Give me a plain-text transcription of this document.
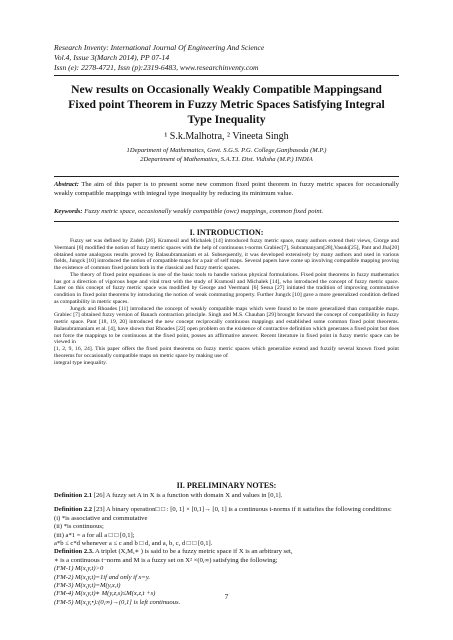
Research Inventy: International Journal Of Engineering And Science
Vol.4, Issue 3(March 2014), PP 07-14
Issn (e): 2278-4721, Issn (p):2319-6483, www.researchinventy.com
New results on Occasionally Weakly Compatible Mappingsand
Fixed point Theorem in Fuzzy Metric Spaces Satisfying Integral
Type Inequality
¹ S.k.Malhotra, ² Vineeta Singh
1Department of Mathematics, Govt. S.G.S. P.G. College,Ganjbasoda (M.P.)
2Department of Mathematics, S.A.T.I. Dist. Vidisha (M.P.) INDIA
Abstract: The aim of this paper is to present some new common fixed point theorem in fuzzy metric spaces for occasionally weakly compatible mappings with integral type inequality by reducing its minimum value.
Keywords: Fuzzy metric space, occasionally weakly compatible (owc) mappings, common fixed point.
I. INTRODUCTION:

Fuzzy set was defined by Zadeh [26]. Kramosil and Michalek [14] introduced fuzzy metric space, many authors extend their views, Grorge and Veermani [6] modified the notion of fuzzy metric spaces with the help of continuous t-norms Grabiec[7], Subramanyam[28],Vasuki[25], Pant and Jha[20] obtained some analogous results proved by Balasubramaniam et al. Subsequently, it was developed extensively by many authors and used in various fields, Jungck [10] introduced the notion of compatible maps for a pair of self maps. Several papers have come up involving compatible mapping proving the existence of common fixed points both in the classical and fuzzy metric spaces.

The theory of fixed point equations is one of the basic tools to handle various physical formulations. Fixed point theorems in fuzzy mathematics has got a direction of vigorous hope and vital trust with the study of Kramosil and Michalek [14], who introduced the concept of fuzzy metric space. Later on this concept of fuzzy metric space was modified by George and Veermani [6] Sessa [27] initiated the tradition of improving commutative condition in fixed point theorems by introducing the notion of weak commuting property. Further Jungck [10] gave a more generalized condition defined as compatibility in metric spaces.

Jungck and Rhoades [11] introduced the concept of weakly compatible maps which were found to be more generalized than compatible maps. Grabiec [7] obtained fuzzy version of Banach contraction principle. Singh and M.S. Chauhan [29] brought forward the concept of compatibility in fuzzy metric space. Pant [18, 19, 20] introduced the new concept reciprocally continuous mappings and established some common fixed point theorems. Balasubramaniam et al. [4], have shown that Rhoades [22] open problem on the existence of contractive definition which generates a fixed point but does not force the mappings to be continuous at the fixed point, posses an affirmative answer. Recent literature in fixed point in fuzzy metric space can be viewed in

[1, 2, 9, 16, 24]. This paper offers the fixed point theorems on fuzzy metric spaces which generalize extend and fuzzify several known fixed point theorems for occasionally compatible maps on metric space by making use of

integral type inequality.

II. PRELIMINARY NOTES:

Definition 2.1 [26] A fuzzy set A in X is a function with domain X and values in [0,1].

Definition 2.2 [23] A binary operation□ □ : [0, 1] × [0,1]→ [0, 1] is a continuous t-norms if it satisfies the following conditions:

(i) *is associative and commutative

(ii) *is continuous;

(iii) a*1 = a for all a □ □ [0,1];

a*b ≤ c*d whenever a ≤ c and b □ d, and a, b, c, d □ □ [0,1].

Definition 2.3. A triplet (X,M,∗ ) is said to be a fuzzy metric space if X is an arbitrary set,

∗ is a continuous t−norm and M is a fuzzy set on X² ×(0,∞) satisfying the following;

(FM-1) M(x,y,t)>0

(FM-2) M(x,y,t)=1if and only if x=y.

(FM-3) M(x,y,t)=M(y,x,t)

(FM-4) M(x,y,t)∗ M(y,z,s)≤M(x,z,t +s)

(FM-5) M(x,y,•):(0,∞)→(0,1] is left continuous.

7
